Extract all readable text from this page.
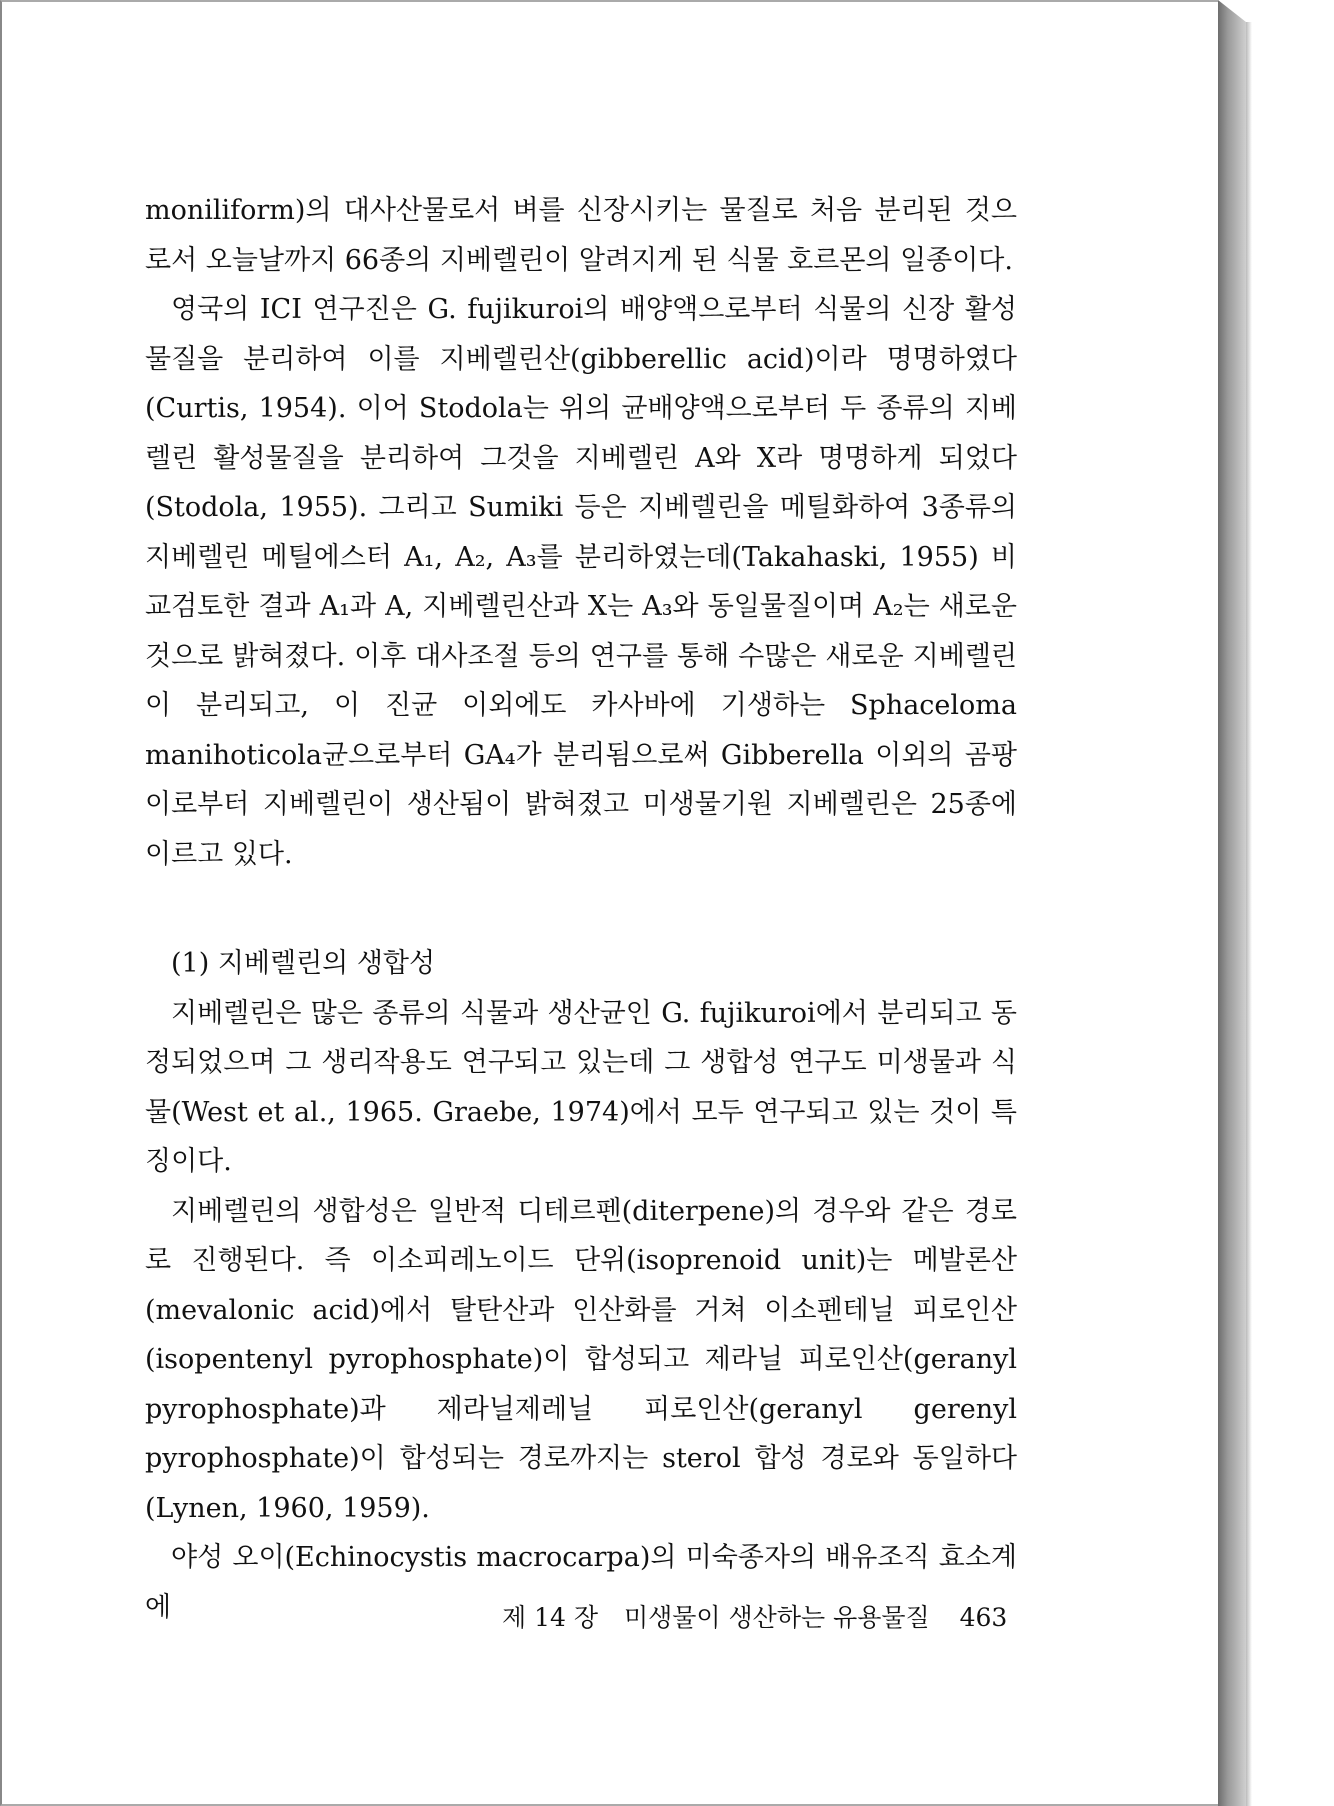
moniliform)의 대사산물로서 벼를 신장시키는 물질로 처음 분리된 것으로서 오늘날까지 66종의 지베렐린이 알려지게 된 식물 호르몬의 일종이다.

영국의 ICI 연구진은 G. fujikuroi의 배양액으로부터 식물의 신장 활성물질을 분리하여 이를 지베렐린산(gibberellic acid)이라 명명하였다(Curtis, 1954). 이어 Stodola는 위의 균배양액으로부터 두 종류의 지베렐린 활성물질을 분리하여 그것을 지베렐린 A와 X라 명명하게 되었다(Stodola, 1955). 그리고 Sumiki 등은 지베렐린을 메틸화하여 3종류의 지베렐린 메틸에스터 A₁, A₂, A₃를 분리하였는데(Takahaski, 1955) 비교검토한 결과 A₁과 A, 지베렐린산과 X는 A₃와 동일물질이며 A₂는 새로운 것으로 밝혀졌다. 이후 대사조절 등의 연구를 통해 수많은 새로운 지베렐린이 분리되고, 이 진균 이외에도 카사바에 기생하는 Sphaceloma manihoticola균으로부터 GA₄가 분리됨으로써 Gibberella 이외의 곰팡이로부터 지베렐린이 생산됨이 밝혀졌고 미생물기원 지베렐린은 25종에 이르고 있다.

(1) 지베렐린의 생합성

지베렐린은 많은 종류의 식물과 생산균인 G. fujikuroi에서 분리되고 동정되었으며 그 생리작용도 연구되고 있는데 그 생합성 연구도 미생물과 식물(West et al., 1965. Graebe, 1974)에서 모두 연구되고 있는 것이 특징이다.

지베렐린의 생합성은 일반적 디테르펜(diterpene)의 경우와 같은 경로로 진행된다. 즉 이소피레노이드 단위(isoprenoid unit)는 메발론산(mevalonic acid)에서 탈탄산과 인산화를 거쳐 이소펜테닐 피로인산(isopentenyl pyrophosphate)이 합성되고 제라닐 피로인산(geranyl pyrophosphate)과 제라닐제레닐 피로인산(geranyl gerenyl pyrophosphate)이 합성되는 경로까지는 sterol 합성 경로와 동일하다(Lynen, 1960, 1959).

야성 오이(Echinocystis macrocarpa)의 미숙종자의 배유조직 효소계에	제 14 장 미생물이 생산하는 유용물질 463
